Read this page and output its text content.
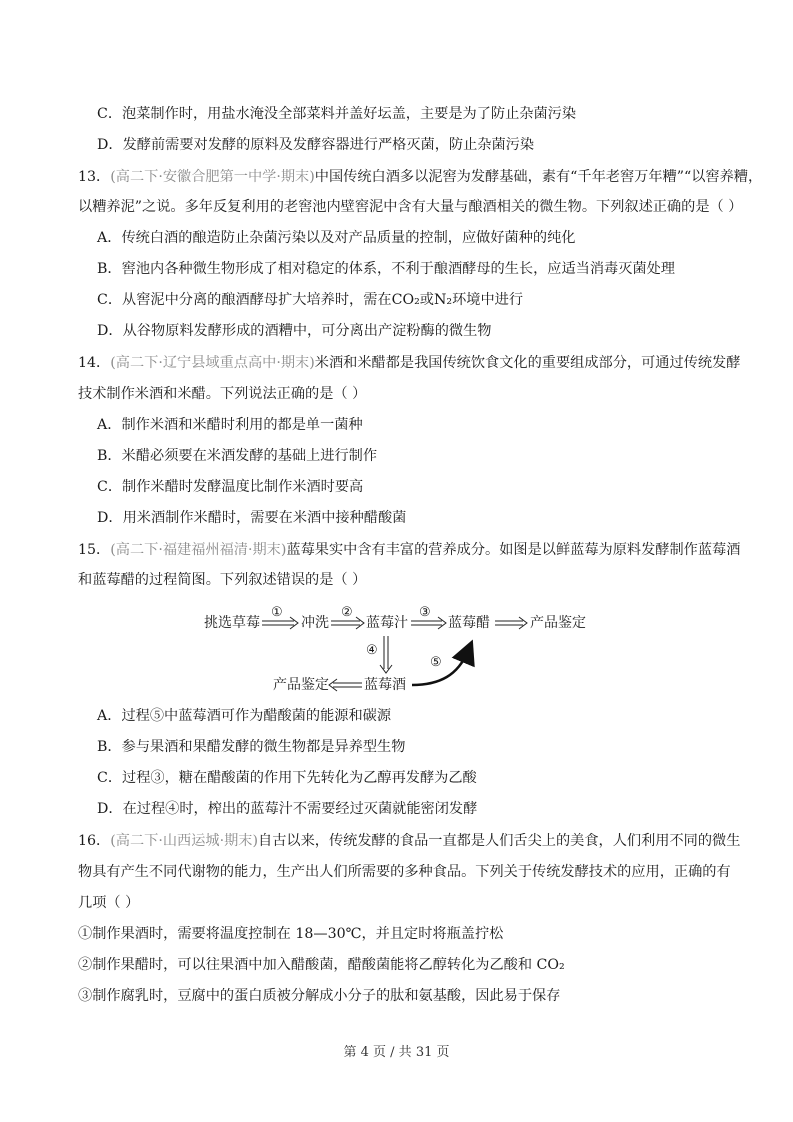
C．泡菜制作时，用盐水淹没全部菜料并盖好坛盖，主要是为了防止杂菌污染
D．发酵前需要对发酵的原料及发酵容器进行严格灭菌，防止杂菌污染
13．(高二下·安徽合肥第一中学·期末)中国传统白酒多以泥窖为发酵基础，素有“千年老窖万年糟”“以窖养糟，
以糟养泥”之说。多年反复利用的老窖池内壁窖泥中含有大量与酿酒相关的微生物。下列叙述正确的是（ ）
A．传统白酒的酿造防止杂菌污染以及对产品质量的控制，应做好菌种的纯化
B．窖池内各种微生物形成了相对稳定的体系，不利于酿酒酵母的生长，应适当消毒灭菌处理
C．从窖泥中分离的酿酒酵母扩大培养时，需在CO₂或N₂环境中进行
D．从谷物原料发酵形成的酒糟中，可分离出产淀粉酶的微生物
14．(高二下·辽宁县域重点高中·期末)米酒和米醋都是我国传统饮食文化的重要组成部分，可通过传统发酵
技术制作米酒和米醋。下列说法正确的是（ ）
A．制作米酒和米醋时利用的都是单一菌种
B．米醋必须要在米酒发酵的基础上进行制作
C．制作米醋时发酵温度比制作米酒时要高
D．用米酒制作米醋时，需要在米酒中接种醋酸菌
15．(高二下·福建福州福清·期末)蓝莓果实中含有丰富的营养成分。如图是以鲜蓝莓为原料发酵制作蓝莓酒
和蓝莓醋的过程简图。下列叙述错误的是（ ）
挑选草莓	冲洗	蓝莓汁	蓝莓醋	产品鉴定
蓝莓酒
产品鉴定
①	②	③
④
⑤
A．过程⑤中蓝莓酒可作为醋酸菌的能源和碳源
B．参与果酒和果醋发酵的微生物都是异养型生物
C．过程③，糖在醋酸菌的作用下先转化为乙醇再发酵为乙酸
D．在过程④时，榨出的蓝莓汁不需要经过灭菌就能密闭发酵
16．(高二下·山西运城·期末)自古以来，传统发酵的食品一直都是人们舌尖上的美食，人们利用不同的微生
物具有产生不同代谢物的能力，生产出人们所需要的多种食品。下列关于传统发酵技术的应用，正确的有
几项（ ）
①制作果酒时，需要将温度控制在 18—30℃，并且定时将瓶盖拧松
②制作果醋时，可以往果酒中加入醋酸菌，醋酸菌能将乙醇转化为乙酸和 CO₂
③制作腐乳时，豆腐中的蛋白质被分解成小分子的肽和氨基酸，因此易于保存
第 4 页 / 共 31 页
